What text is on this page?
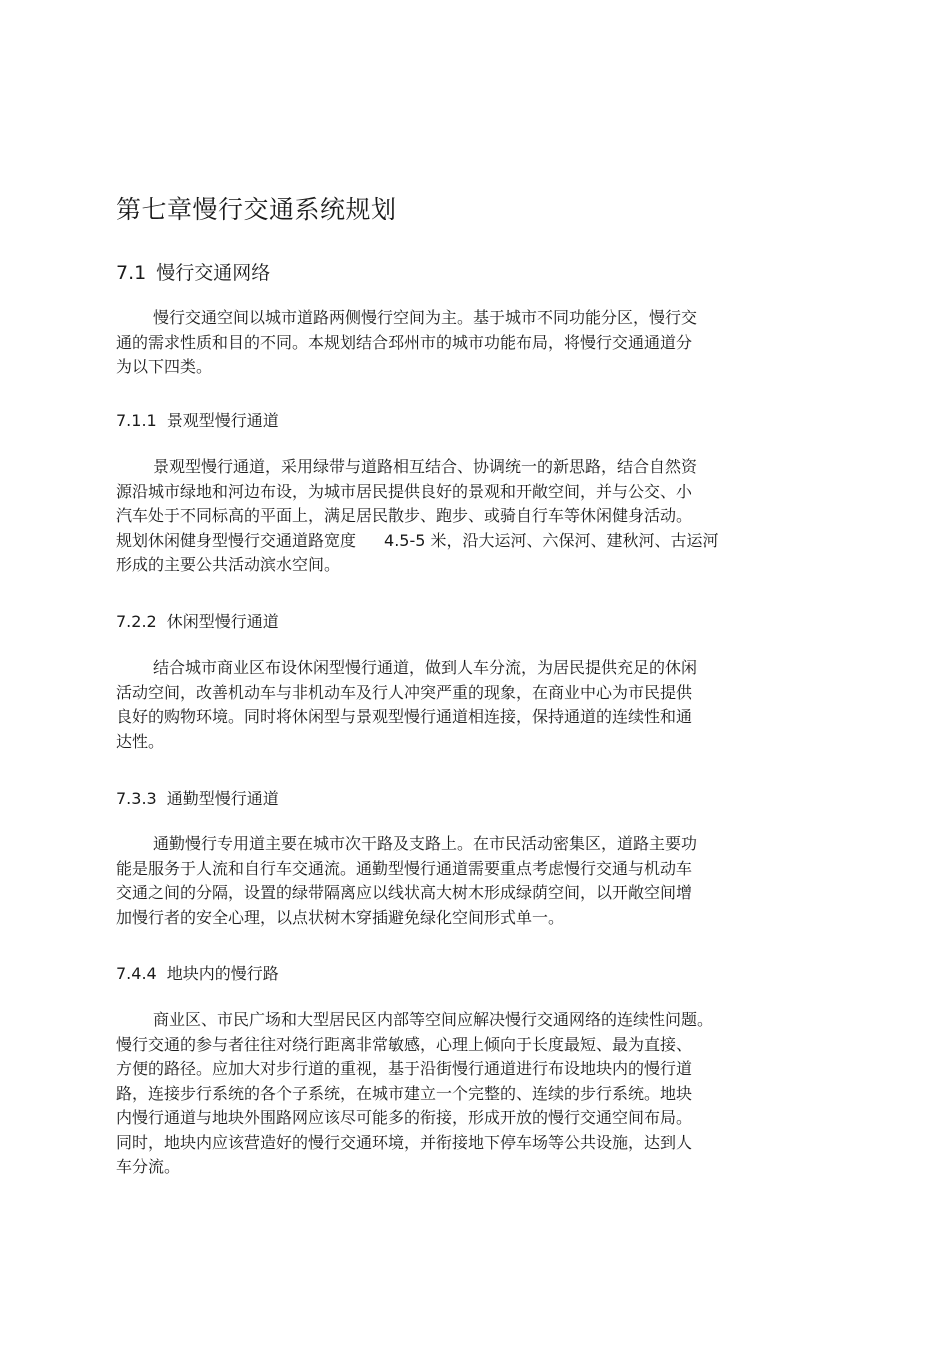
第七章慢行交通系统规划
7.1 慢行交通网络
慢行交通空间以城市道路两侧慢行空间为主。基于城市不同功能分区，慢行交
通的需求性质和目的不同。本规划结合邳州市的城市功能布局，将慢行交通通道分
为以下四类。
7.1.1 景观型慢行通道
景观型慢行通道，采用绿带与道路相互结合、协调统一的新思路，结合自然资
源沿城市绿地和河边布设，为城市居民提供良好的景观和开敞空间，并与公交、小
汽车处于不同标高的平面上，满足居民散步、跑步、或骑自行车等休闲健身活动。
规划休闲健身型慢行交通道路宽度 4.5-5 米，沿大运河、六保河、建秋河、古运河
形成的主要公共活动滨水空间。
7.2.2 休闲型慢行通道
结合城市商业区布设休闲型慢行通道，做到人车分流，为居民提供充足的休闲
活动空间，改善机动车与非机动车及行人冲突严重的现象，在商业中心为市民提供
良好的购物环境。同时将休闲型与景观型慢行通道相连接，保持通道的连续性和通
达性。
7.3.3 通勤型慢行通道
通勤慢行专用道主要在城市次干路及支路上。在市民活动密集区，道路主要功
能是服务于人流和自行车交通流。通勤型慢行通道需要重点考虑慢行交通与机动车
交通之间的分隔，设置的绿带隔离应以线状高大树木形成绿荫空间，以开敞空间增
加慢行者的安全心理，以点状树木穿插避免绿化空间形式单一。
7.4.4 地块内的慢行路
商业区、市民广场和大型居民区内部等空间应解决慢行交通网络的连续性问题。
慢行交通的参与者往往对绕行距离非常敏感，心理上倾向于长度最短、最为直接、
方便的路径。应加大对步行道的重视，基于沿街慢行通道进行布设地块内的慢行道
路，连接步行系统的各个子系统，在城市建立一个完整的、连续的步行系统。地块
内慢行通道与地块外围路网应该尽可能多的衔接，形成开放的慢行交通空间布局。
同时，地块内应该营造好的慢行交通环境，并衔接地下停车场等公共设施，达到人
车分流。
